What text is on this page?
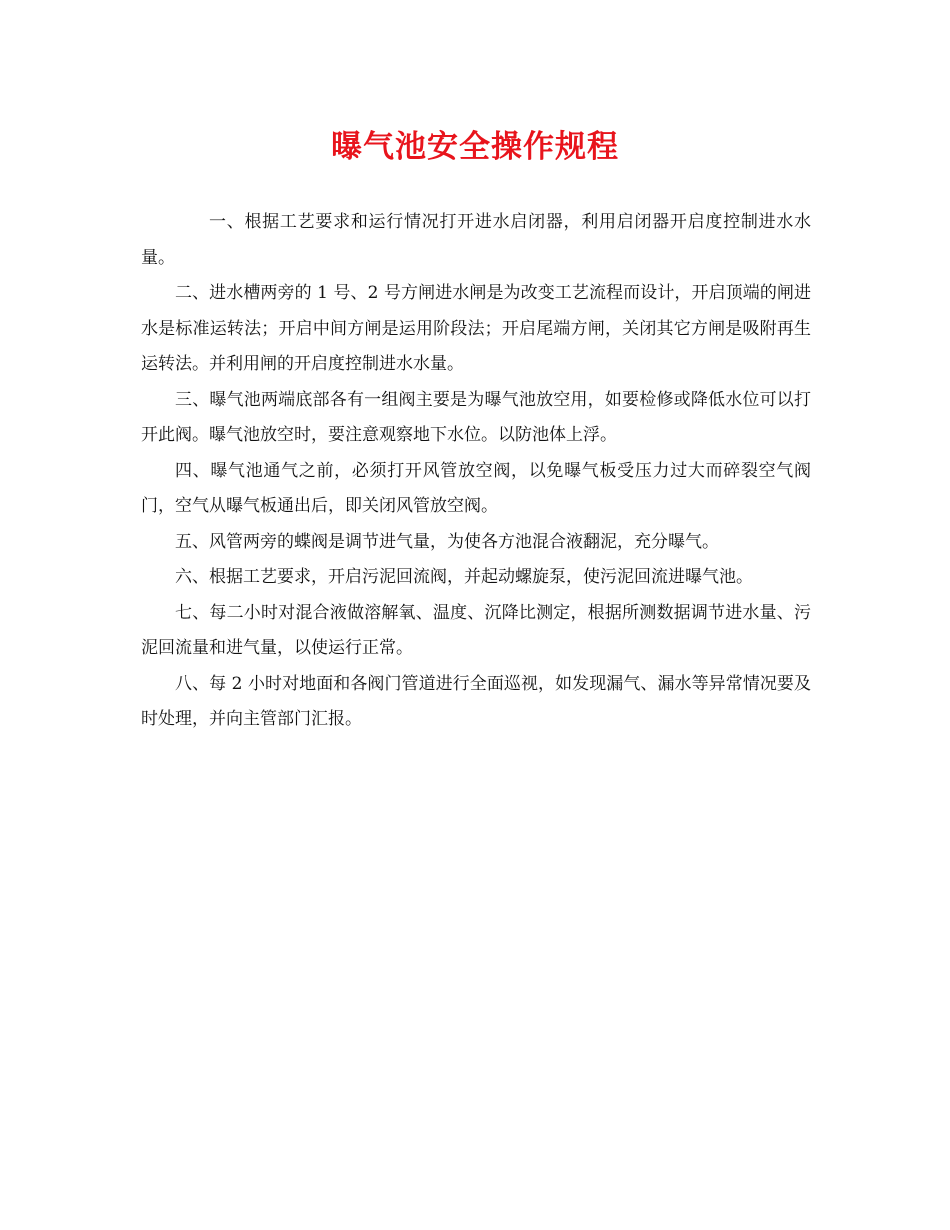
曝气池安全操作规程

一、根据工艺要求和运行情况打开进水启闭器，利用启闭器开启度控制进水水量。

二、进水槽两旁的 1 号、2 号方闸进水闸是为改变工艺流程而设计，开启顶端的闸进水是标准运转法；开启中间方闸是运用阶段法；开启尾端方闸，关闭其它方闸是吸附再生运转法。并利用闸的开启度控制进水水量。

三、曝气池两端底部各有一组阀主要是为曝气池放空用，如要检修或降低水位可以打开此阀。曝气池放空时，要注意观察地下水位。以防池体上浮。

四、曝气池通气之前，必须打开风管放空阀，以免曝气板受压力过大而碎裂空气阀门，空气从曝气板通出后，即关闭风管放空阀。

五、风管两旁的蝶阀是调节进气量，为使各方池混合液翻泥，充分曝气。

六、根据工艺要求，开启污泥回流阀，并起动螺旋泵，使污泥回流进曝气池。

七、每二小时对混合液做溶解氧、温度、沉降比测定，根据所测数据调节进水量、污泥回流量和进气量，以使运行正常。

八、每 2 小时对地面和各阀门管道进行全面巡视，如发现漏气、漏水等异常情况要及时处理，并向主管部门汇报。
